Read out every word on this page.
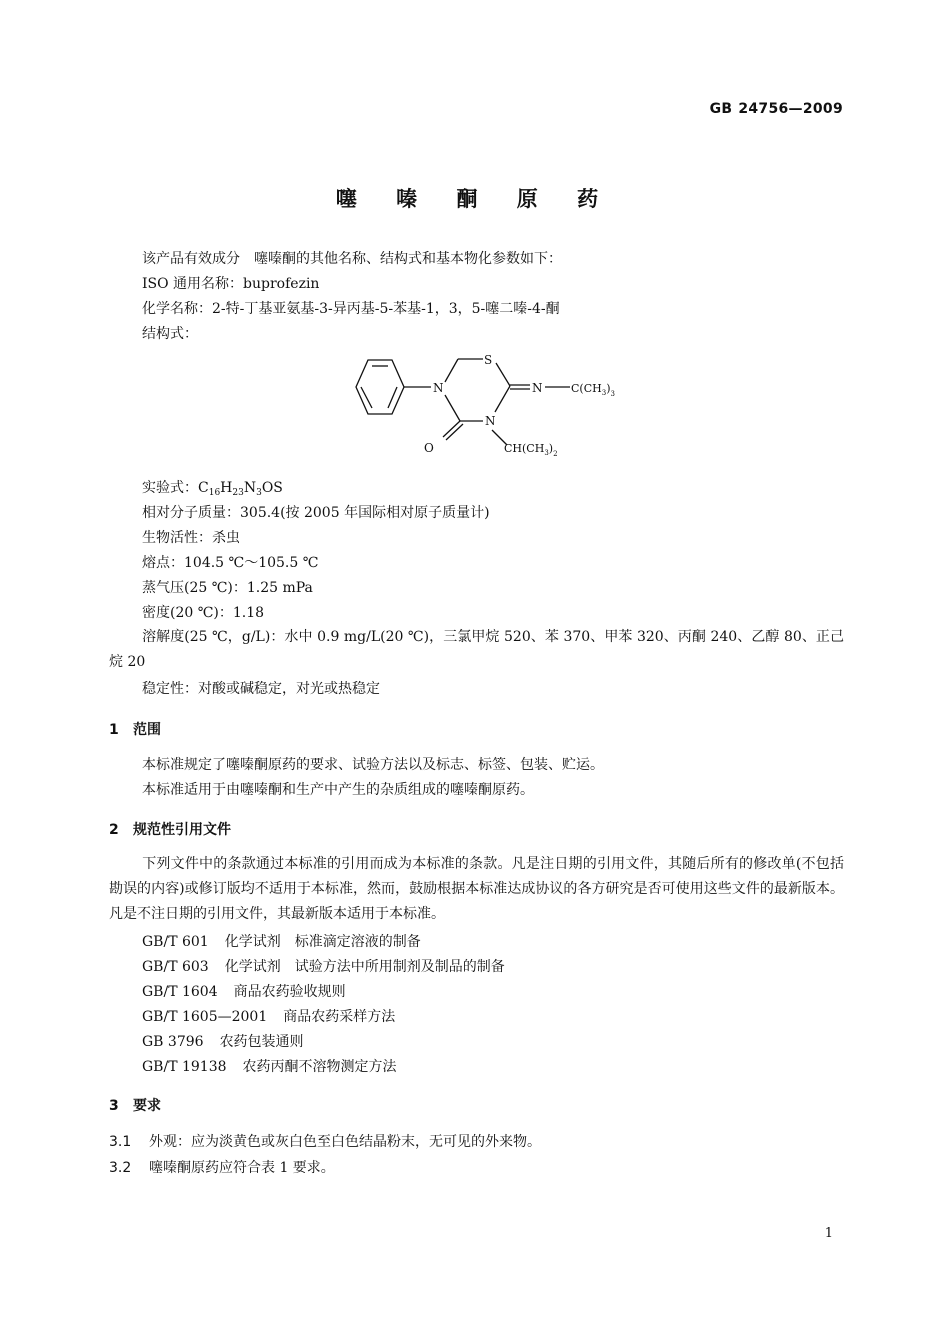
GB 24756—2009
噻 嗪 酮 原 药
该产品有效成分　噻嗪酮的其他名称、结构式和基本物化参数如下：
ISO 通用名称：buprofezin
化学名称：2-特-丁基亚氨基-3-异丙基-5-苯基-1，3，5-噻二嗪-4-酮
结构式：
N
S
N
N
O
$C(CH_3)_3$
$CH(CH_3)_2$
实验式：$C_{16}H_{23}N_3OS$
相对分子质量：305.4(按 2005 年国际相对原子质量计)
生物活性：杀虫
熔点：104.5 ℃～105.5 ℃
蒸气压(25 ℃)：1.25 mPa
密度(20 ℃)：1.18
溶解度(25 ℃，g/L)：水中 0.9 mg/L(20 ℃)，三氯甲烷 520、苯 370、甲苯 320、丙酮 240、乙醇 80、正己烷 20
稳定性：对酸或碱稳定，对光或热稳定
1 范围
本标准规定了噻嗪酮原药的要求、试验方法以及标志、标签、包装、贮运。
本标准适用于由噻嗪酮和生产中产生的杂质组成的噻嗪酮原药。
2 规范性引用文件
下列文件中的条款通过本标准的引用而成为本标准的条款。凡是注日期的引用文件，其随后所有的修改单(不包括勘误的内容)或修订版均不适用于本标准，然而，鼓励根据本标准达成协议的各方研究是否可使用这些文件的最新版本。凡是不注日期的引用文件，其最新版本适用于本标准。
GB/T 601 化学试剂　标准滴定溶液的制备
GB/T 603 化学试剂　试验方法中所用制剂及制品的制备
GB/T 1604 商品农药验收规则
GB/T 1605—2001 商品农药采样方法
GB 3796 农药包装通则
GB/T 19138 农药丙酮不溶物测定方法
3 要求
3.1 外观：应为淡黄色或灰白色至白色结晶粉末，无可见的外来物。
3.2 噻嗪酮原药应符合表 1 要求。
1
